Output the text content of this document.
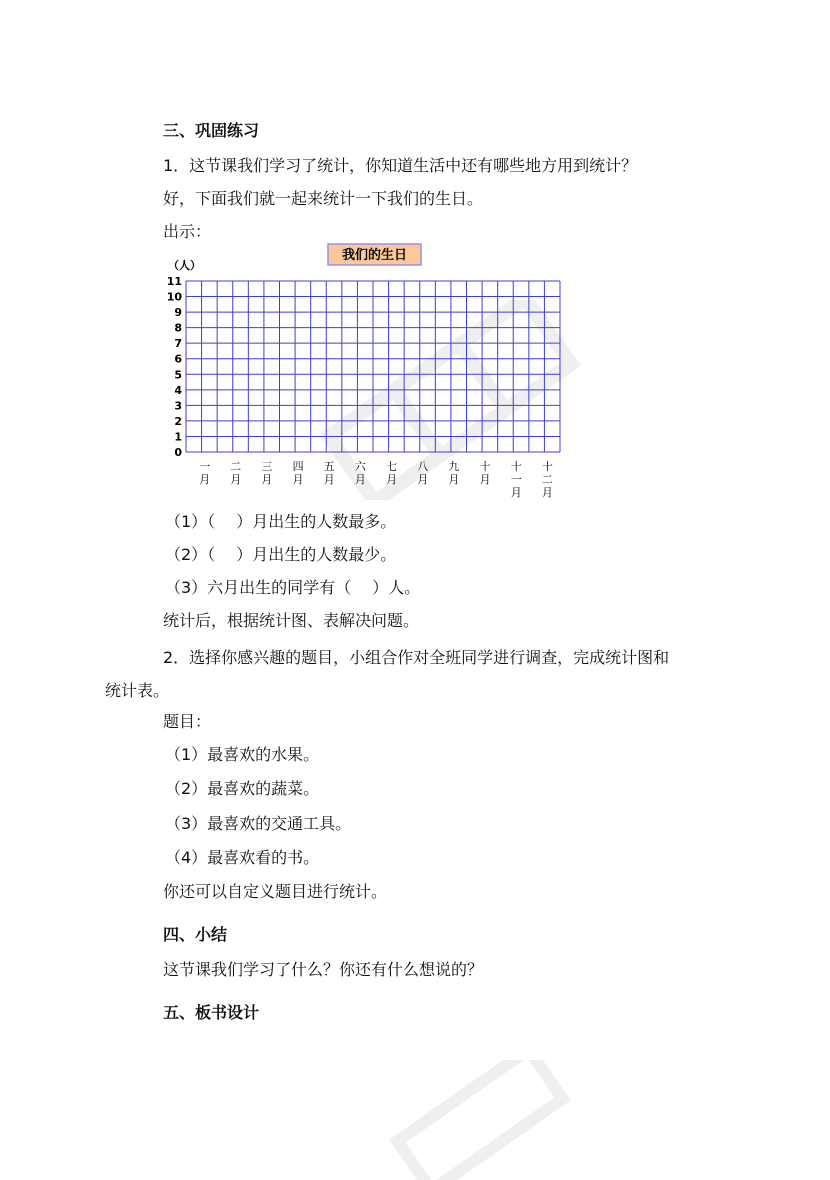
三、巩固练习
1．这节课我们学习了统计，你知道生活中还有哪些地方用到统计？
好，下面我们就一起来统计一下我们的生日。
出示：
我们的生日
（人）
0
1
2
3
4
5
6
7
8
9
10
11
一
月
二
月
三
月
四
月
五
月
六
月
七
月
八
月
九
月
十
月
十
一
月
十
二
月
（1）（　 ）月出生的人数最多。
（2）（　 ）月出生的人数最少。
（3）六月出生的同学有（　 ）人。
统计后，根据统计图、表解决问题。
2．选择你感兴趣的题目，小组合作对全班同学进行调查，完成统计图和
统计表。
题目：
（1）最喜欢的水果。
（2）最喜欢的蔬菜。
（3）最喜欢的交通工具。
（4）最喜欢看的书。
你还可以自定义题目进行统计。
四、小结
这节课我们学习了什么？你还有什么想说的？
五、板书设计
